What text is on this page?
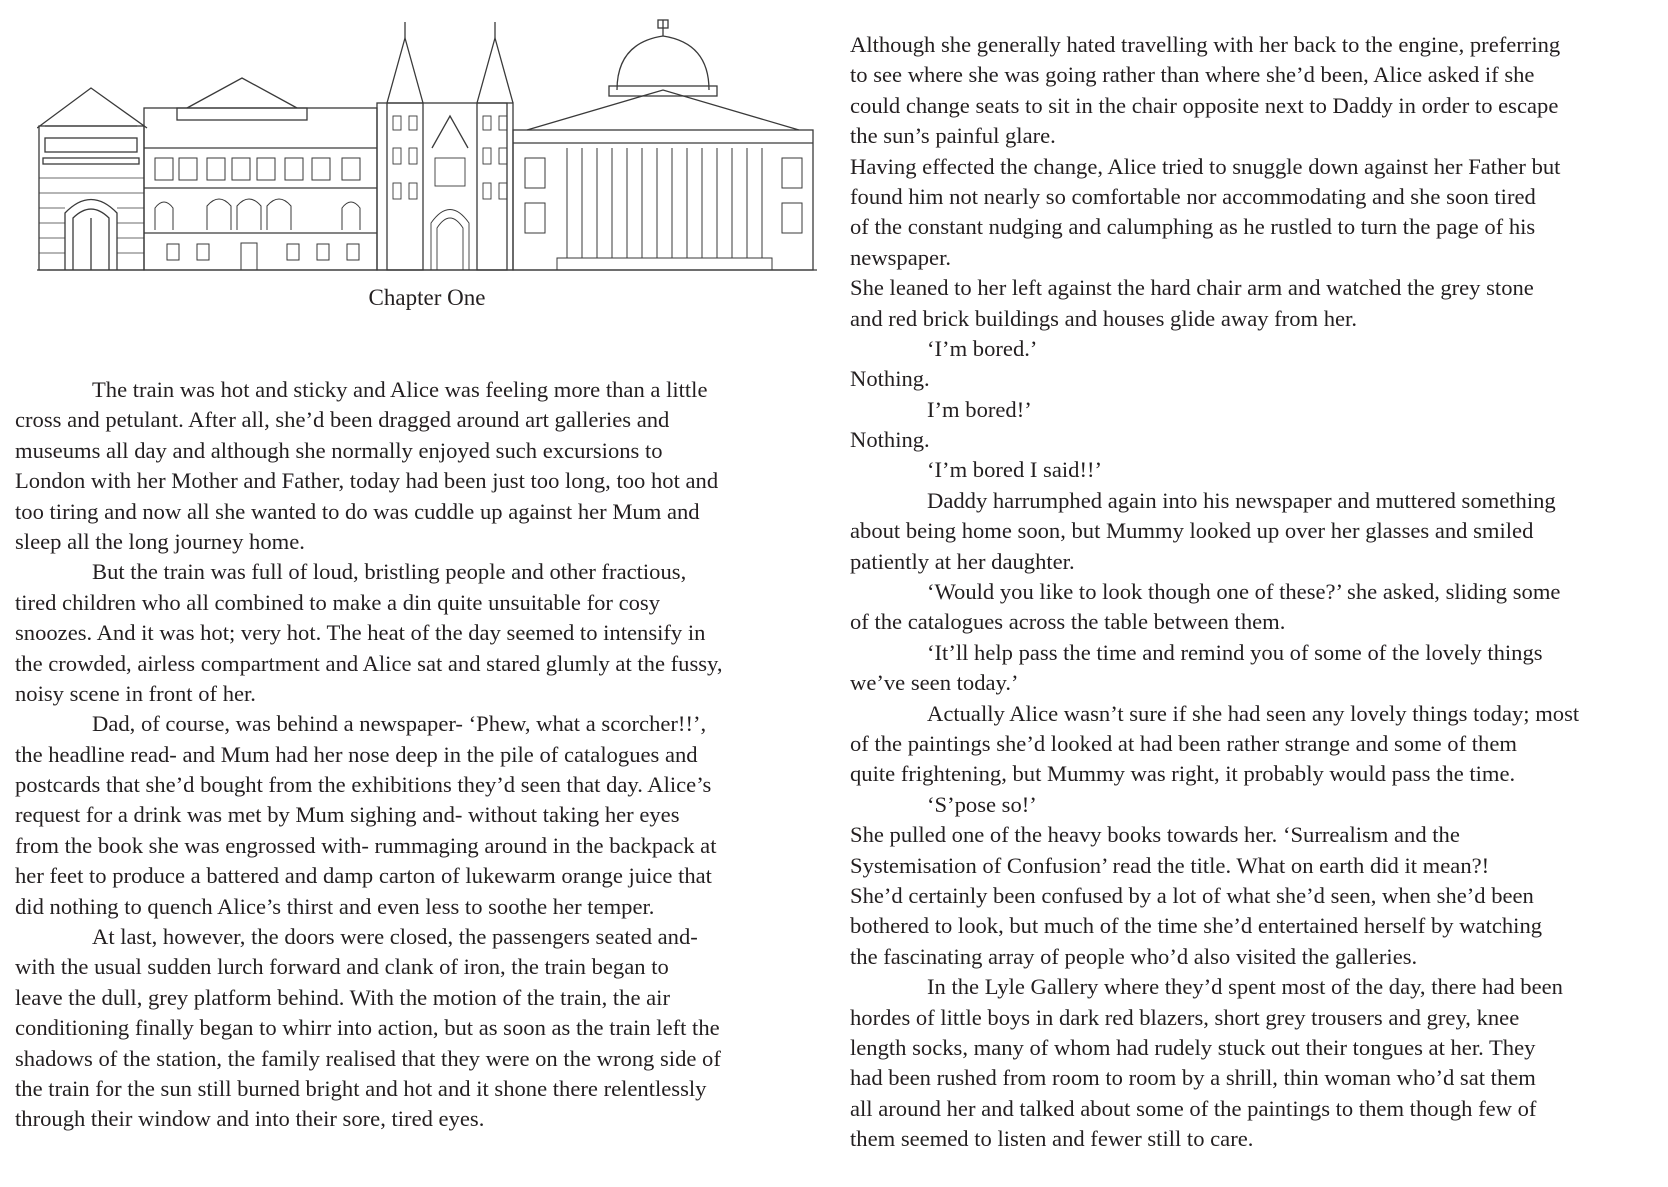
Chapter One
The train was hot and sticky and Alice was feeling more than a little
cross and petulant. After all, she’d been dragged around art galleries and
museums all day and although she normally enjoyed such excursions to
London with her Mother and Father, today had been just too long, too hot and
too tiring and now all she wanted to do was cuddle up against her Mum and
sleep all the long journey home.
But the train was full of loud, bristling people and other fractious,
tired children who all combined to make a din quite unsuitable for cosy
snoozes. And it was hot; very hot. The heat of the day seemed to intensify in
the crowded, airless compartment and Alice sat and stared glumly at the fussy,
noisy scene in front of her.
Dad, of course, was behind a newspaper- ‘Phew, what a scorcher!!’,
the headline read- and Mum had her nose deep in the pile of catalogues and
postcards that she’d bought from the exhibitions they’d seen that day. Alice’s
request for a drink was met by Mum sighing and- without taking her eyes
from the book she was engrossed with- rummaging around in the backpack at
her feet to produce a battered and damp carton of lukewarm orange juice that
did nothing to quench Alice’s thirst and even less to soothe her temper.
At last, however, the doors were closed, the passengers seated and-
with the usual sudden lurch forward and clank of iron, the train began to
leave the dull, grey platform behind. With the motion of the train, the air
conditioning finally began to whirr into action, but as soon as the train left the
shadows of the station, the family realised that they were on the wrong side of
the train for the sun still burned bright and hot and it shone there relentlessly
through their window and into their sore, tired eyes.
Although she generally hated travelling with her back to the engine, preferring
to see where she was going rather than where she’d been, Alice asked if she
could change seats to sit in the chair opposite next to Daddy in order to escape
the sun’s painful glare.
Having effected the change, Alice tried to snuggle down against her Father but
found him not nearly so comfortable nor accommodating and she soon tired
of the constant nudging and calumphing as he rustled to turn the page of his
newspaper.
She leaned to her left against the hard chair arm and watched the grey stone
and red brick buildings and houses glide away from her.
‘I’m bored.’
Nothing.
I’m bored!’
Nothing.
‘I’m bored I said!!’
Daddy harrumphed again into his newspaper and muttered something
about being home soon, but Mummy looked up over her glasses and smiled
patiently at her daughter.
‘Would you like to look though one of these?’ she asked, sliding some
of the catalogues across the table between them.
‘It’ll help pass the time and remind you of some of the lovely things
we’ve seen today.’
Actually Alice wasn’t sure if she had seen any lovely things today; most
of the paintings she’d looked at had been rather strange and some of them
quite frightening, but Mummy was right, it probably would pass the time.
‘S’pose so!’
She pulled one of the heavy books towards her. ‘Surrealism and the
Systemisation of Confusion’ read the title. What on earth did it mean?!
She’d certainly been confused by a lot of what she’d seen, when she’d been
bothered to look, but much of the time she’d entertained herself by watching
the fascinating array of people who’d also visited the galleries.
In the Lyle Gallery where they’d spent most of the day, there had been
hordes of little boys in dark red blazers, short grey trousers and grey, knee
length socks, many of whom had rudely stuck out their tongues at her. They
had been rushed from room to room by a shrill, thin woman who’d sat them
all around her and talked about some of the paintings to them though few of
them seemed to listen and fewer still to care.
